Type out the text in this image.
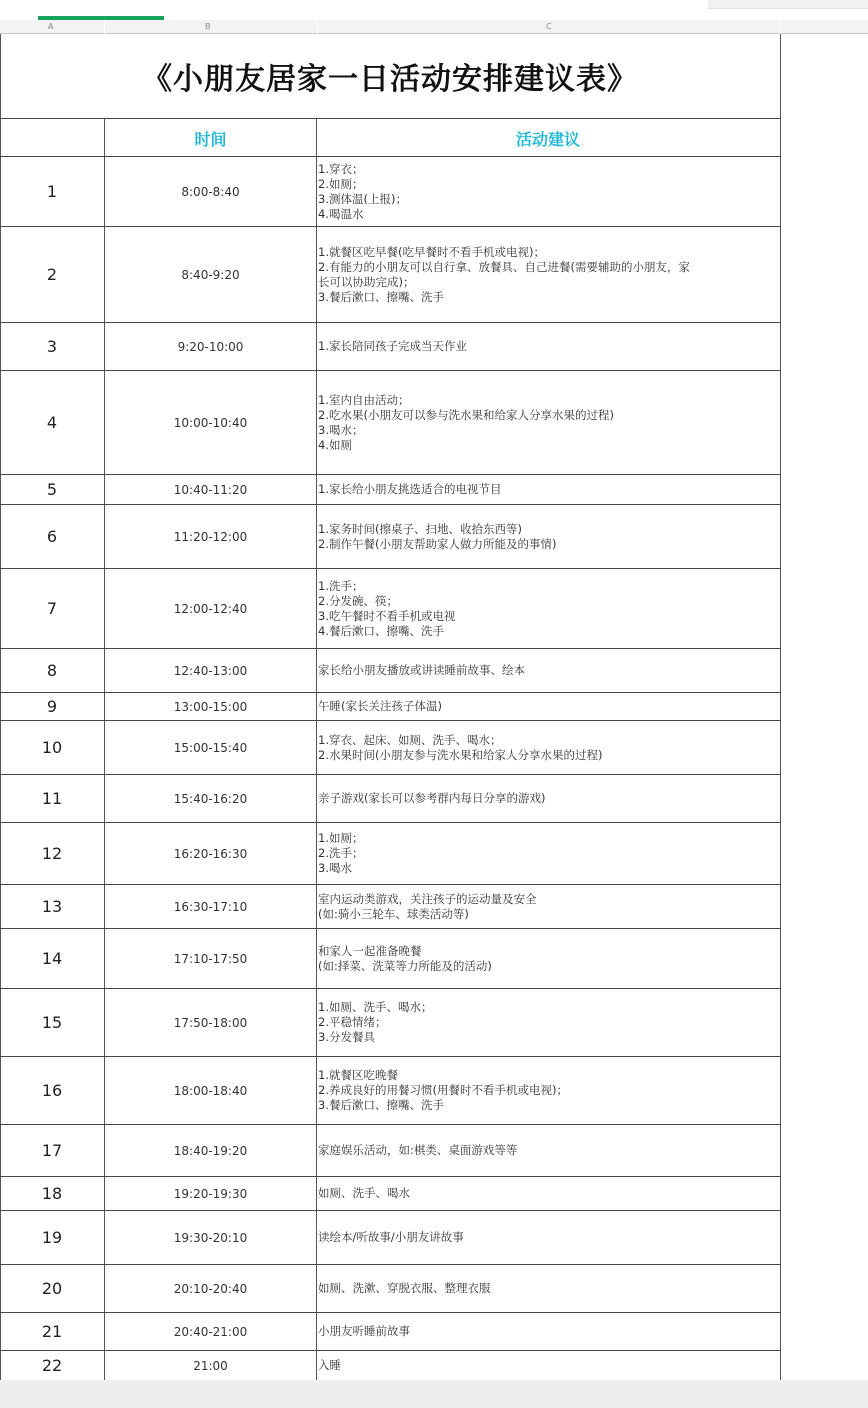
A	B	C
《小朋友居家一日活动安排建议表》
时间	活动建议
1	8:00-8:40
1.穿衣；
2.如厕；
3.测体温(上报)；
4.喝温水
2	8:40-9:20
1.就餐区吃早餐(吃早餐时不看手机或电视)；
2.有能力的小朋友可以自行拿、放餐具、自己进餐(需要辅助的小朋友，家
长可以协助完成)；
3.餐后漱口、擦嘴、洗手
3	9:20-10:00	1.家长陪同孩子完成当天作业
4	10:00-10:40
1.室内自由活动；
2.吃水果(小朋友可以参与洗水果和给家人分享水果的过程)
3.喝水；
4.如厕
5	10:40-11:20	1.家长给小朋友挑选适合的电视节目
6	11:20-12:00
1.家务时间(擦桌子、扫地、收拾东西等)
2.制作午餐(小朋友帮助家人做力所能及的事情)
7	12:00-12:40
1.洗手；
2.分发碗、筷；
3.吃午餐时不看手机或电视
4.餐后漱口、擦嘴、洗手
8	12:40-13:00	家长给小朋友播放或讲读睡前故事、绘本
9	13:00-15:00	午睡(家长关注孩子体温)
10	15:00-15:40
1.穿衣、起床、如厕、洗手、喝水；
2.水果时间(小朋友参与洗水果和给家人分享水果的过程)
11	15:40-16:20	亲子游戏(家长可以参考群内每日分享的游戏)
12	16:20-16:30
1.如厕；
2.洗手；
3.喝水
13	16:30-17:10
室内运动类游戏，关注孩子的运动量及安全
(如:骑小三轮车、球类活动等)
14	17:10-17:50
和家人一起准备晚餐
(如:择菜、洗菜等力所能及的活动)
15	17:50-18:00
1.如厕、洗手、喝水；
2.平稳情绪；
3.分发餐具
16	18:00-18:40
1.就餐区吃晚餐
2.养成良好的用餐习惯(用餐时不看手机或电视)；
3.餐后漱口、擦嘴、洗手
17	18:40-19:20	家庭娱乐活动，如:棋类、桌面游戏等等
18	19:20-19:30	如厕、洗手、喝水
19	19:30-20:10	读绘本/听故事/小朋友讲故事
20	20:10-20:40	如厕、洗漱、穿脱衣服、整理衣服
21	20:40-21:00	小朋友听睡前故事
22	21:00	入睡
